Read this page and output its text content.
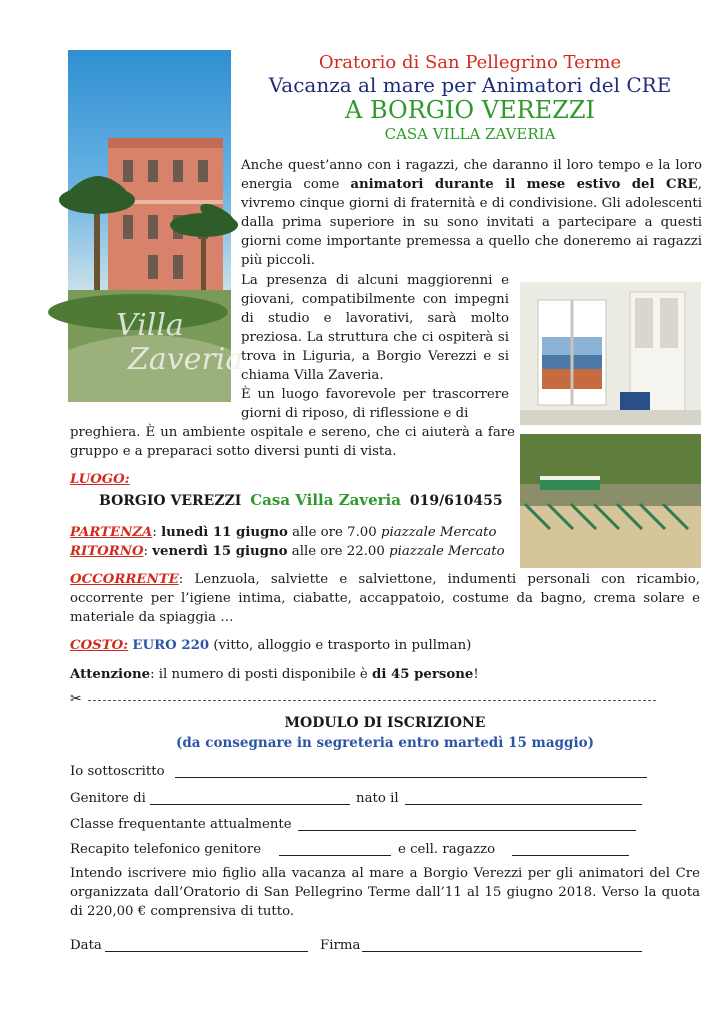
Oratorio di San Pellegrino Terme
Vacanza al mare per Animatori del CRE
A BORGIO VEREZZI
CASA VILLA ZAVERIA
Villa
Zaveria
Anche quest’anno con i ragazzi, che daranno il loro tempo e la loro energia come animatori durante il mese estivo del CRE, vivremo cinque giorni di fraternità e di condivisione. Gli adolescenti dalla prima superiore in su sono invitati a partecipare a questi giorni come importante premessa a quello che doneremo ai ragazzi più piccoli.
La presenza di alcuni maggiorenni e giovani, compatibilmente con impegni di studio e lavorativi, sarà molto preziosa. La struttura che ci ospiterà si trova in Liguria, a Borgio Verezzi e si chiama Villa Zaveria.
È un luogo favorevole per trascorrere giorni di riposo, di riflessione e di
preghiera. È un ambiente ospitale e sereno, che ci aiuterà a fare gruppo e a preparaci sotto diversi punti di vista.
LUOGO:
BORGIO VEREZZI Casa Villa Zaveria 019/610455
PARTENZA: lunedì 11 giugno alle ore 7.00 piazzale Mercato
RITORNO: venerdì 15 giugno alle ore 22.00 piazzale Mercato
OCCORRENTE: Lenzuola, salviette e salviettone, indumenti personali con ricambio, occorrente per l’igiene intima, ciabatte, accappatoio, costume da bagno, crema solare e materiale da spiaggia …
COSTO: EURO 220 (vitto, alloggio e trasporto in pullman)
Attenzione: il numero di posti disponibile è di 45 persone!
✂
MODULO DI ISCRIZIONE
(da consegnare in segreteria entro martedì 15 maggio)
Io sottoscritto
Genitore di	nato il
Classe frequentante attualmente
Recapito telefonico genitore	e cell. ragazzo
Intendo iscrivere mio figlio alla vacanza al mare a Borgio Verezzi per gli animatori del Cre organizzata dall’Oratorio di San Pellegrino Terme dall’11 al 15 giugno 2018. Verso la quota di 220,00 € comprensiva di tutto.
Data	Firma
